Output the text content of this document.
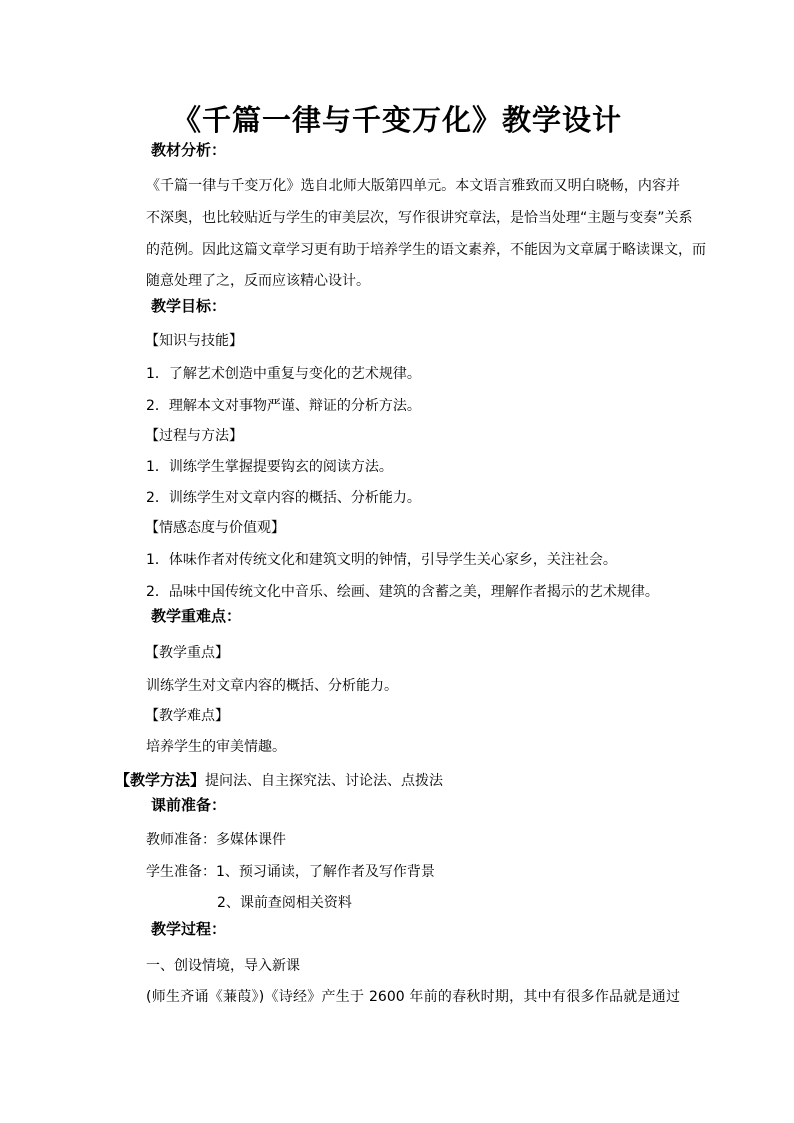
《千篇一律与千变万化》教学设计
教材分析：
《千篇一律与千变万化》选自北师大版第四单元。本文语言雅致而又明白晓畅，内容并
不深奥，也比较贴近与学生的审美层次，写作很讲究章法，是恰当处理“主题与变奏”关系
的范例。因此这篇文章学习更有助于培养学生的语文素养，不能因为文章属于略读课文，而
随意处理了之，反而应该精心设计。
教学目标：
【知识与技能】
1．了解艺术创造中重复与变化的艺术规律。
2．理解本文对事物严谨、辩证的分析方法。
【过程与方法】
1．训练学生掌握提要钩玄的阅读方法。
2．训练学生对文章内容的概括、分析能力。
【情感态度与价值观】
1．体味作者对传统文化和建筑文明的钟情，引导学生关心家乡，关注社会。
2．品味中国传统文化中音乐、绘画、建筑的含蓄之美，理解作者揭示的艺术规律。
教学重难点：
【教学重点】
训练学生对文章内容的概括、分析能力。
【教学难点】
培养学生的审美情趣。
【教学方法】提问法、自主探究法、讨论法、点拨法
课前准备：
教师准备：多媒体课件
学生准备：1、预习诵读，了解作者及写作背景
2、课前查阅相关资料
教学过程：
一、创设情境，导入新课
(师生齐诵《蒹葭》)《诗经》产生于 2600 年前的春秋时期，其中有很多作品就是通过
